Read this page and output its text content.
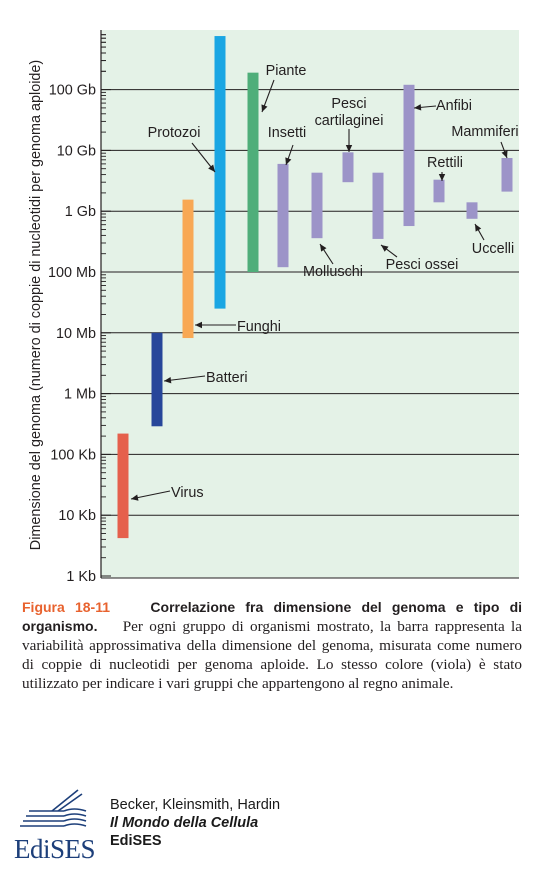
1 Kb
10 Kb
100 Kb
1 Mb
10 Mb
100 Mb
1 Gb
10 Gb
100 Gb
Virus
Batteri
Funghi
Protozoi
Piante
Insetti
Molluschi
Pesci cartilaginei
Pesci ossei
Anfibi
Rettili
Uccelli
Mammiferi
Dimensione del genoma (numero di coppie di nucleotidi per genoma aploide)
Figura 18-11	Correlazione fra dimensione del genoma e tipo di organismo. Per ogni gruppo di organismi mostrato, la barra rappresenta la variabilità approssimativa della dimensione del genoma, misurata come numero di coppie di nucleotidi per genoma aploide. Lo stesso colore (viola) è stato utilizzato per indicare i vari gruppi che appartengono al regno animale.
EdiSES
Becker, Kleinsmith, Hardin
Il Mondo della Cellula
EdiSES
